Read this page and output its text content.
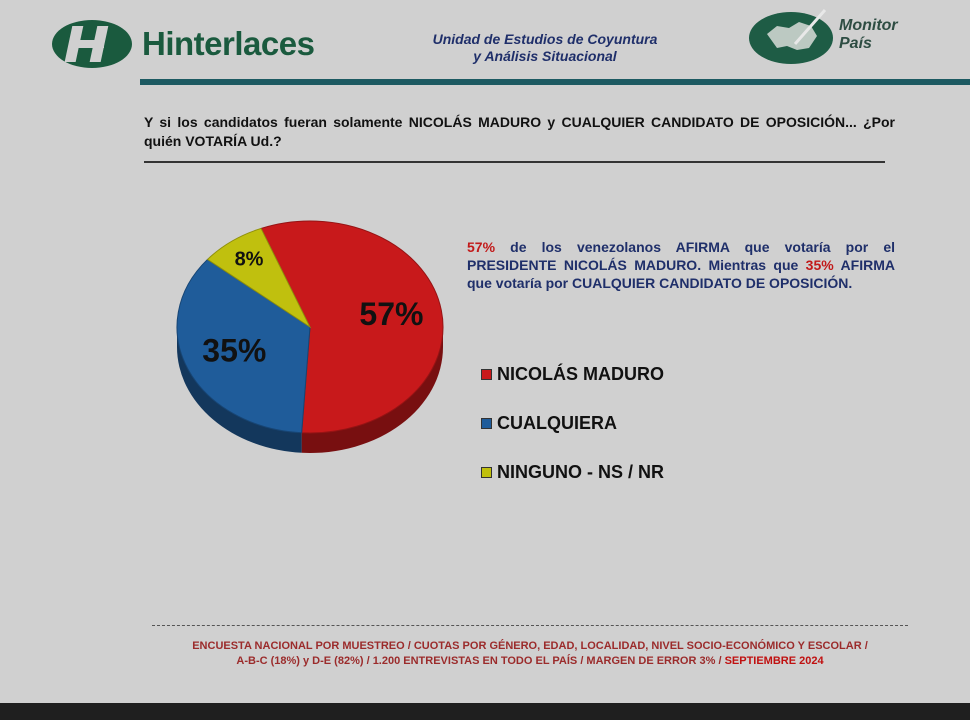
Hinterlaces	Unidad de Estudios de Coyuntura
y Análisis Situacional
Monitor
País
Y si los candidatos fueran solamente NICOLÁS MADURO y CUALQUIER CANDIDATO DE OPOSICIÓN... ¿Por quién VOTARÍA Ud.?
57%
35%
8%
57% de los venezolanos AFIRMA que votaría por el PRESIDENTE NICOLÁS MADURO. Mientras que 35% AFIRMA que votaría por CUALQUIER CANDIDATO DE OPOSICIÓN.
NICOLÁS MADURO
CUALQUIERA
NINGUNO - NS / NR
ENCUESTA NACIONAL POR MUESTREO / CUOTAS POR GÉNERO, EDAD, LOCALIDAD, NIVEL SOCIO-ECONÓMICO Y ESCOLAR /
A-B-C (18%) y D-E (82%) / 1.200 ENTREVISTAS EN TODO EL PAÍS / MARGEN DE ERROR 3% / SEPTIEMBRE 2024
